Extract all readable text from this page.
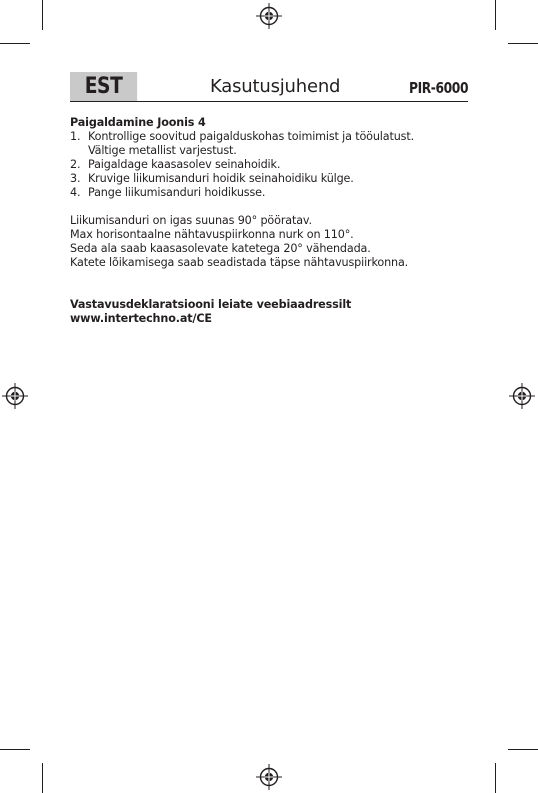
EST	Kasutusjuhend	PIR-6000

Paigaldamine Joonis 4

1. Kontrollige soovitud paigalduskohas toimimist ja tööulatust.
Vältige metallist varjestust.
2. Paigaldage kaasasolev seinahoidik.
3. Kruvige liikumisanduri hoidik seinahoidiku külge.
4. Pange liikumisanduri hoidikusse.

Liikumisanduri on igas suunas 90° pööratav.

Max horisontaalne nähtavuspiirkonna nurk on 110°.

Seda ala saab kaasasolevate katetega 20° vähendada.

Katete lõikamisega saab seadistada täpse nähtavuspiirkonna.

Vastavusdeklaratsiooni leiate veebiaadressilt

www.intertechno.at/CE
